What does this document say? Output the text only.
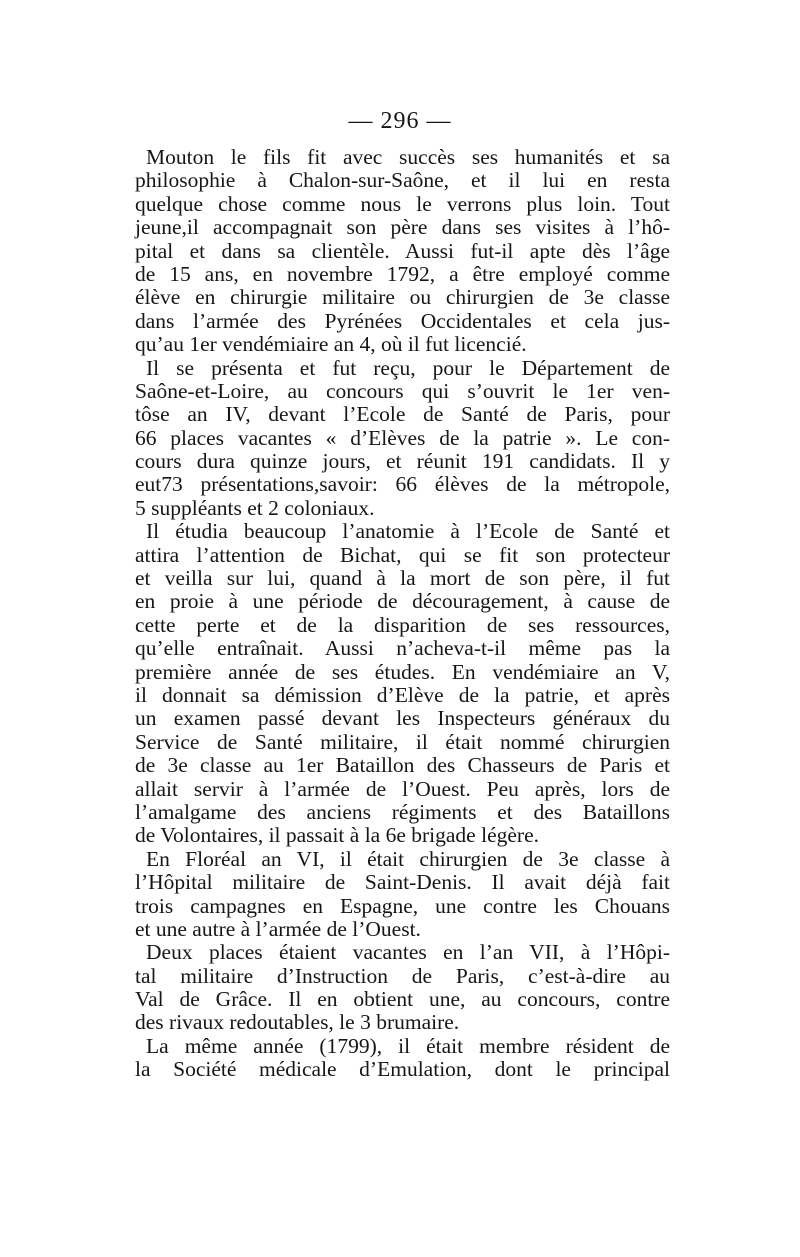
— 296 —
Mouton le fils fit avec succès ses humanités et sa
philosophie à Chalon-sur-Saône, et il lui en resta
quelque chose comme nous le verrons plus loin. Tout
jeune,il accompagnait son père dans ses visites à l’hô-
pital et dans sa clientèle. Aussi fut-il apte dès l’âge
de 15 ans, en novembre 1792, a être employé comme
élève en chirurgie militaire ou chirurgien de 3e classe
dans l’armée des Pyrénées Occidentales et cela jus-
qu’au 1er vendémiaire an 4, où il fut licencié.
Il se présenta et fut reçu, pour le Département de
Saône-et-Loire, au concours qui s’ouvrit le 1er ven-
tôse an IV, devant l’Ecole de Santé de Paris, pour
66 places vacantes « d’Elèves de la patrie ». Le con-
cours dura quinze jours, et réunit 191 candidats. Il y
eut73 présentations,savoir: 66 élèves de la métropole,
5 suppléants et 2 coloniaux.
Il étudia beaucoup l’anatomie à l’Ecole de Santé et
attira l’attention de Bichat, qui se fit son protecteur
et veilla sur lui, quand à la mort de son père, il fut
en proie à une période de découragement, à cause de
cette perte et de la disparition de ses ressources,
qu’elle entraînait. Aussi n’acheva-t-il même pas la
première année de ses études. En vendémiaire an V,
il donnait sa démission d’Elève de la patrie, et après
un examen passé devant les Inspecteurs généraux du
Service de Santé militaire, il était nommé chirurgien
de 3e classe au 1er Bataillon des Chasseurs de Paris et
allait servir à l’armée de l’Ouest. Peu après, lors de
l’amalgame des anciens régiments et des Bataillons
de Volontaires, il passait à la 6e brigade légère.
En Floréal an VI, il était chirurgien de 3e classe à
l’Hôpital militaire de Saint-Denis. Il avait déjà fait
trois campagnes en Espagne, une contre les Chouans
et une autre à l’armée de l’Ouest.
Deux places étaient vacantes en l’an VII, à l’Hôpi-
tal militaire d’Instruction de Paris, c’est-à-dire au
Val de Grâce. Il en obtient une, au concours, contre
des rivaux redoutables, le 3 brumaire.
La même année (1799), il était membre résident de
la Société médicale d’Emulation, dont le principal
